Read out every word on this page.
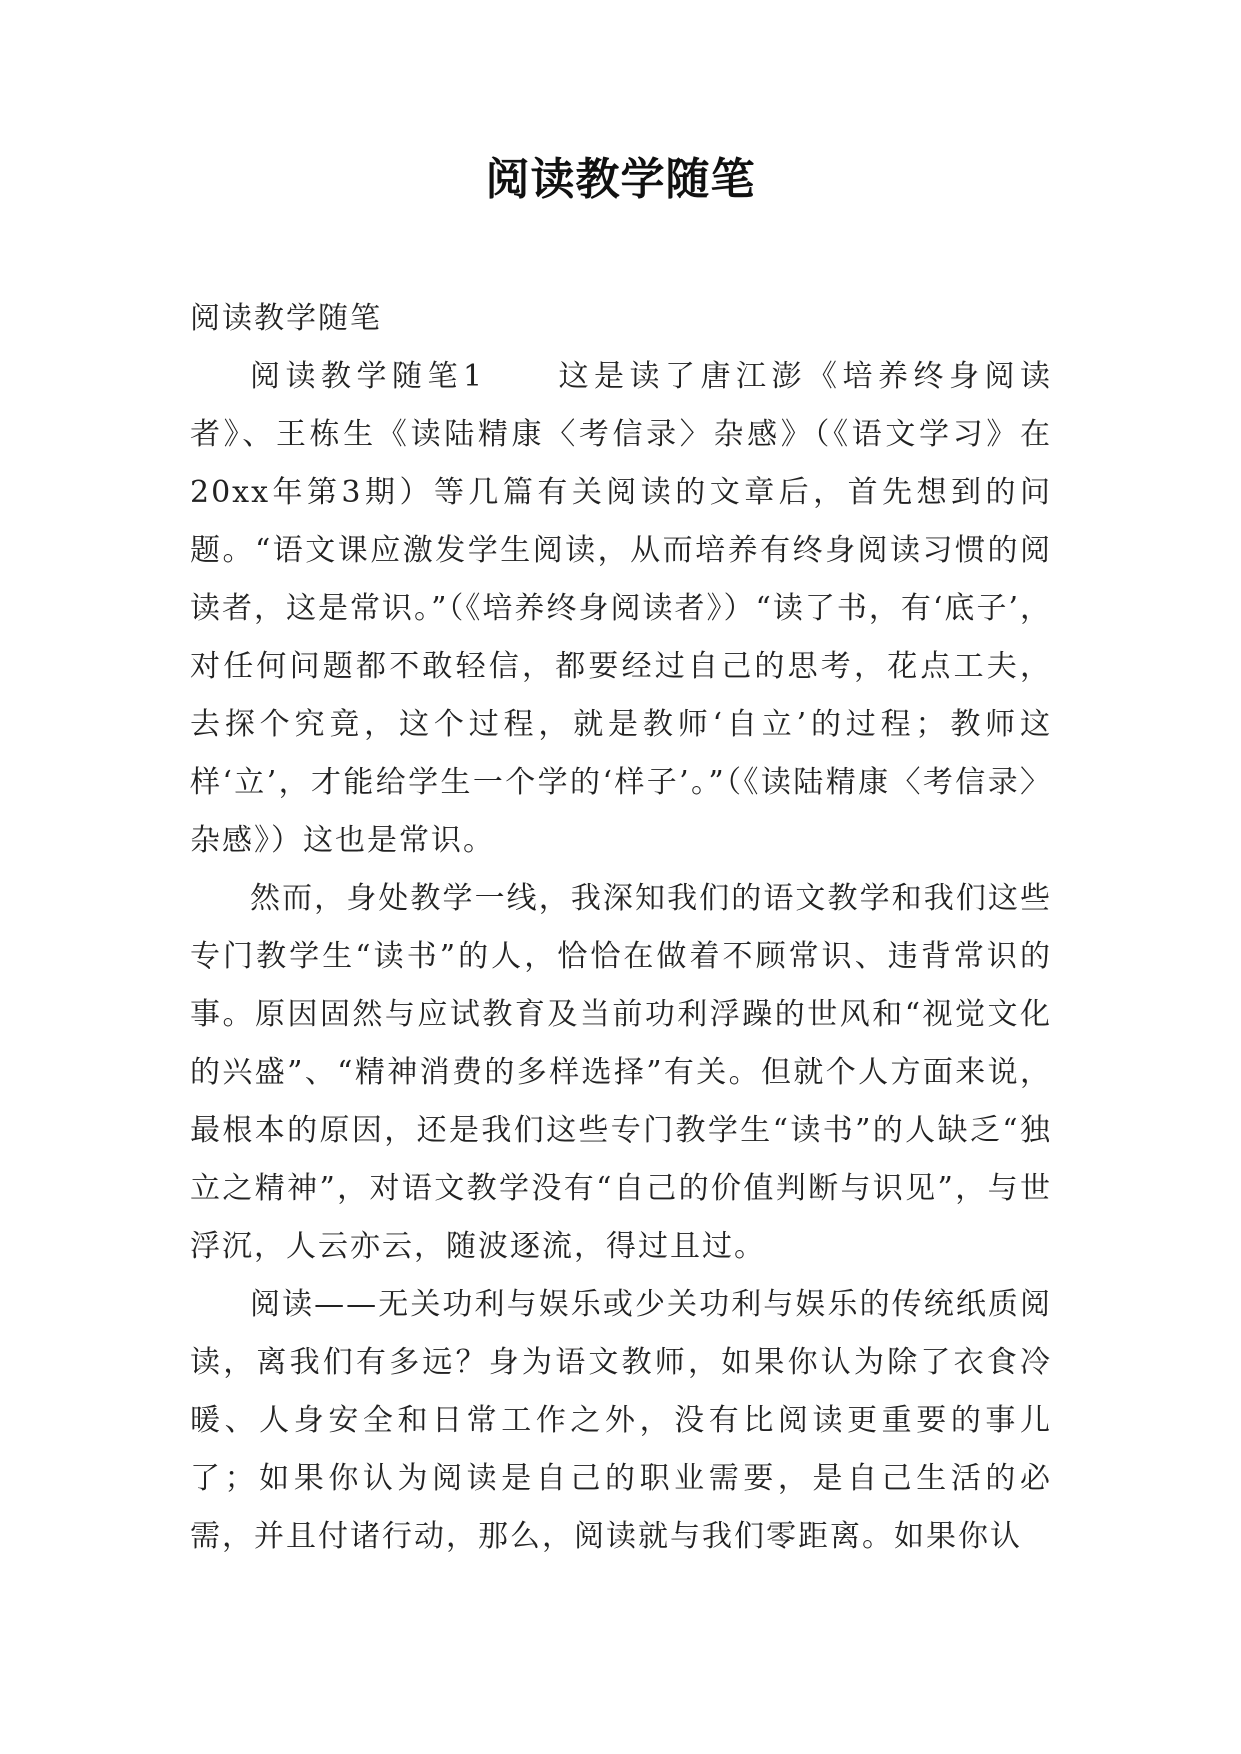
阅读教学随笔

阅读教学随笔

阅读教学随笔1　　这是读了唐江澎《培养终身阅读者》、王栋生《读陆精康〈考信录〉杂感》（《语文学习》在20xx年第3期）等几篇有关阅读的文章后，首先想到的问题。“语文课应激发学生阅读，从而培养有终身阅读习惯的阅读者，这是常识。”（《培养终身阅读者》）“读了书，有‘底子’，对任何问题都不敢轻信，都要经过自己的思考，花点工夫，去探个究竟，这个过程，就是教师‘自立’的过程；教师这样‘立’，才能给学生一个学的‘样子’。”（《读陆精康〈考信录〉杂感》）这也是常识。

然而，身处教学一线，我深知我们的语文教学和我们这些专门教学生“读书”的人，恰恰在做着不顾常识、违背常识的事。原因固然与应试教育及当前功利浮躁的世风和“视觉文化的兴盛”、“精神消费的多样选择”有关。但就个人方面来说，最根本的原因，还是我们这些专门教学生“读书”的人缺乏“独立之精神”，对语文教学没有“自己的价值判断与识见”，与世浮沉，人云亦云，随波逐流，得过且过。

阅读——无关功利与娱乐或少关功利与娱乐的传统纸质阅读，离我们有多远？身为语文教师，如果你认为除了衣食冷暖、人身安全和日常工作之外，没有比阅读更重要的事儿了；如果你认为阅读是自己的职业需要，是自己生活的必需，并且付诸行动，那么，阅读就与我们零距离。如果你认
